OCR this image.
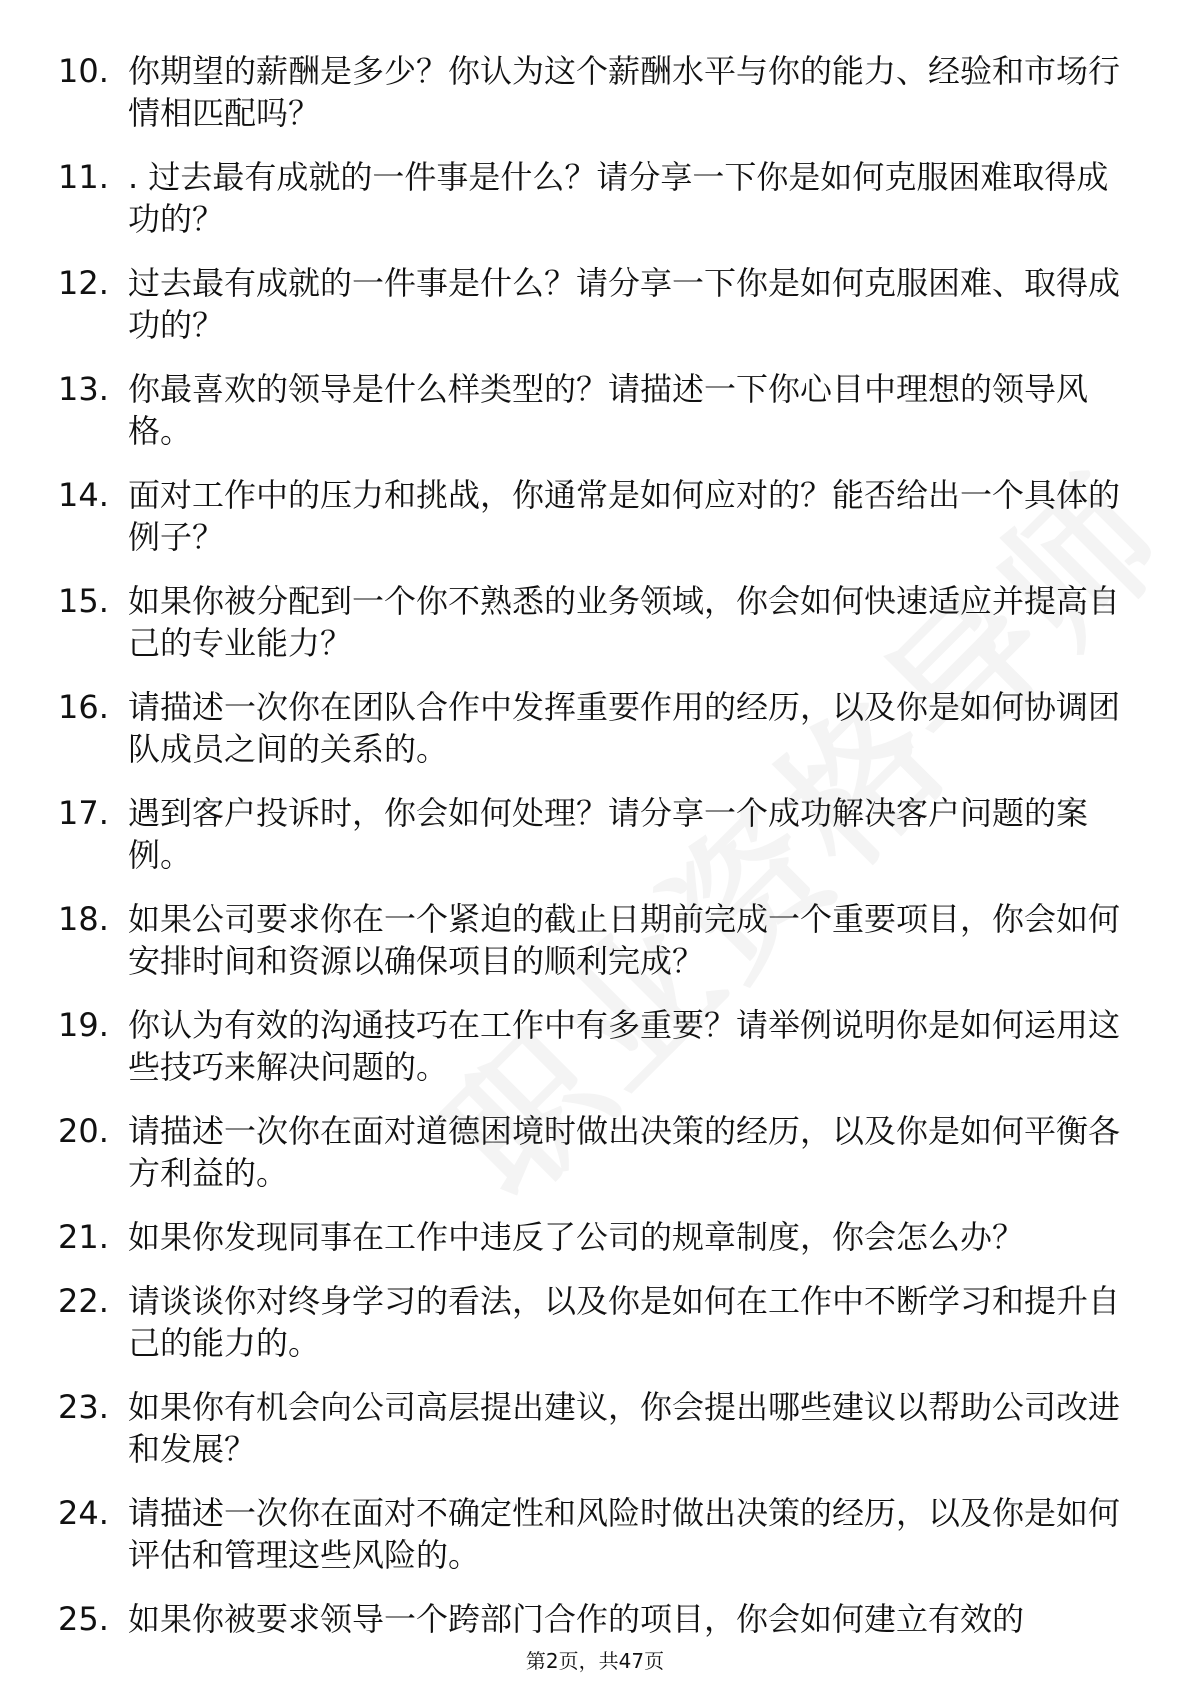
10. 你期望的薪酬是多少？你认为这个薪酬水平与你的能力、经验和市场行情相匹配吗？
11. . 过去最有成就的一件事是什么？请分享一下你是如何克服困难取得成功的？
12. 过去最有成就的一件事是什么？请分享一下你是如何克服困难、取得成功的？
13. 你最喜欢的领导是什么样类型的？请描述一下你心目中理想的领导风格。
14. 面对工作中的压力和挑战，你通常是如何应对的？能否给出一个具体的例子？
15. 如果你被分配到一个你不熟悉的业务领域，你会如何快速适应并提高自己的专业能力？
16. 请描述一次你在团队合作中发挥重要作用的经历，以及你是如何协调团队成员之间的关系的。
17. 遇到客户投诉时，你会如何处理？请分享一个成功解决客户问题的案例。
18. 如果公司要求你在一个紧迫的截止日期前完成一个重要项目，你会如何安排时间和资源以确保项目的顺利完成？
19. 你认为有效的沟通技巧在工作中有多重要？请举例说明你是如何运用这些技巧来解决问题的。
20. 请描述一次你在面对道德困境时做出决策的经历，以及你是如何平衡各方利益的。
21. 如果你发现同事在工作中违反了公司的规章制度，你会怎么办？
22. 请谈谈你对终身学习的看法，以及你是如何在工作中不断学习和提升自己的能力的。
23. 如果你有机会向公司高层提出建议，你会提出哪些建议以帮助公司改进和发展？
24. 请描述一次你在面对不确定性和风险时做出决策的经历，以及你是如何评估和管理这些风险的。
25. 如果你被要求领导一个跨部门合作的项目，你会如何建立有效的
第2页，共47页
